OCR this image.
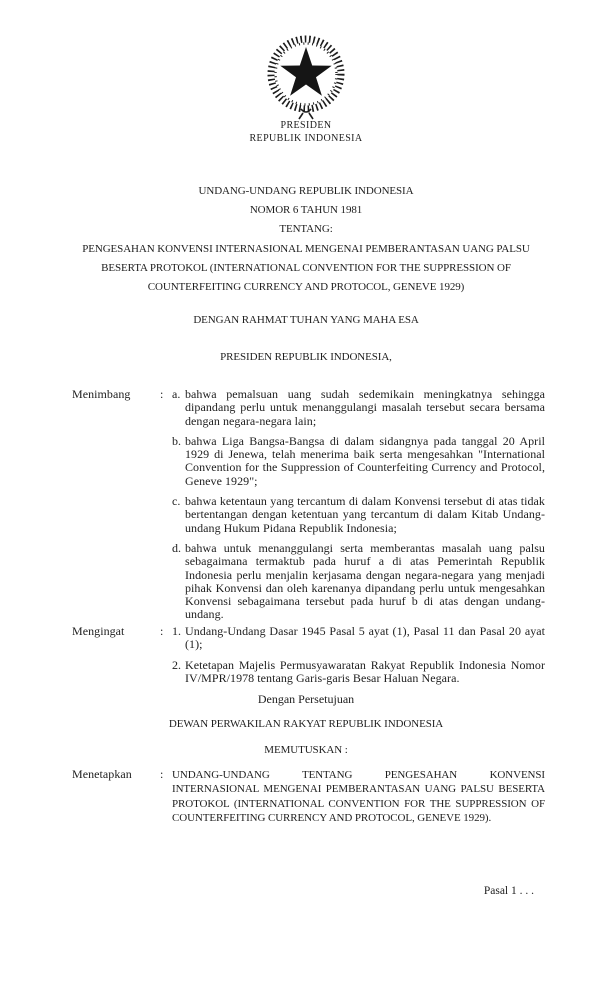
PRESIDEN
REPUBLIK INDONESIA
UNDANG-UNDANG REPUBLIK INDONESIA
NOMOR 6 TAHUN 1981
TENTANG:
PENGESAHAN KONVENSI INTERNASIONAL MENGENAI PEMBERANTASAN UANG PALSU
BESERTA PROTOKOL (INTERNATIONAL CONVENTION FOR THE SUPPRESSION OF
COUNTERFEITING CURRENCY AND PROTOCOL, GENEVE 1929)
DENGAN RAHMAT TUHAN YANG MAHA ESA
PRESIDEN REPUBLIK INDONESIA,
Menimbang : a. bahwa pemalsuan uang sudah sedemikain meningkatnya sehingga dipandang perlu untuk menanggulangi masalah tersebut secara bersama dengan negara-negara lain;
b. bahwa Liga Bangsa-Bangsa di dalam sidangnya pada tanggal 20 April 1929 di Jenewa, telah menerima baik serta mengesahkan "International Convention for the Suppression of Counterfeiting Currency and Protocol, Geneve 1929";
c. bahwa ketentaun yang tercantum di dalam Konvensi tersebut di atas tidak bertentangan dengan ketentuan yang tercantum di dalam Kitab Undang-undang Hukum Pidana Republik Indonesia;
d. bahwa untuk menanggulangi serta memberantas masalah uang palsu sebagaimana termaktub pada huruf a di atas Pemerintah Republik Indonesia perlu menjalin kerjasama dengan negara-negara yang menjadi pihak Konvensi dan oleh karenanya dipandang perlu untuk mengesahkan Konvensi sebagaimana tersebut pada huruf b di atas dengan undang-undang.
Mengingat	: 1. Undang-Undang Dasar 1945 Pasal 5 ayat (1), Pasal 11 dan Pasal 20 ayat (1);
2. Ketetapan Majelis Permusyawaratan Rakyat Republik Indonesia Nomor IV/MPR/1978 tentang Garis-garis Besar Haluan Negara.
Dengan Persetujuan
DEWAN PERWAKILAN RAKYAT REPUBLIK INDONESIA
MEMUTUSKAN :
Menetapkan : UNDANG-UNDANG TENTANG PENGESAHAN KONVENSI INTERNASIONAL MENGENAI PEMBERANTASAN UANG PALSU BESERTA PROTOKOL (INTERNATIONAL CONVENTION FOR THE SUPPRESSION OF COUNTERFEITING CURRENCY AND PROTOCOL, GENEVE 1929).
Pasal 1 . . .
